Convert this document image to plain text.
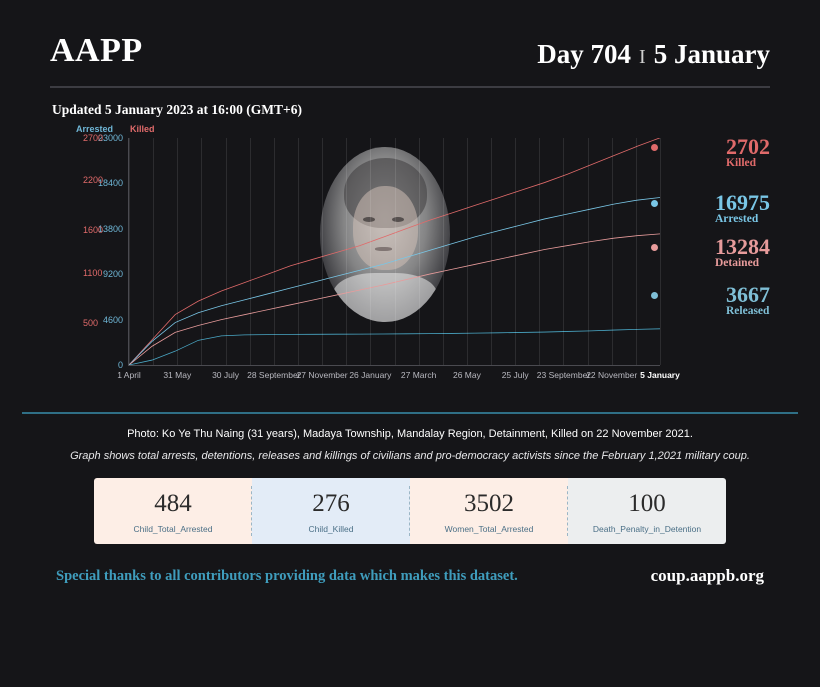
AAPP	Day 704 I 5 January
Updated 5 January 2023 at 16:00 (GMT+6)
Arrested Killed
0
4600
9200
13800
18400
23000
500
1100
1600
2200
2700
1 April	31 May 30 July 28 September
27 November 26 January 27 March 26 May 25 July 23 September
22 November 5 January
2702
Killed
16975
Arrested
13284
Detained
3667
Released
Photo: Ko Ye Thu Naing (31 years), Madaya Township, Mandalay Region, Detainment, Killed on 22 November 2021.
Graph shows total arrests, detentions, releases and killings of civilians and pro-democracy activists since the February 1,2021 military coup.
484
Child_Total_Arrested
276
Child_Killed
3502
Women_Total_Arrested
100
Death_Penalty_in_Detention
Special thanks to all contributors providing data which makes this dataset.	coup.aappb.org
